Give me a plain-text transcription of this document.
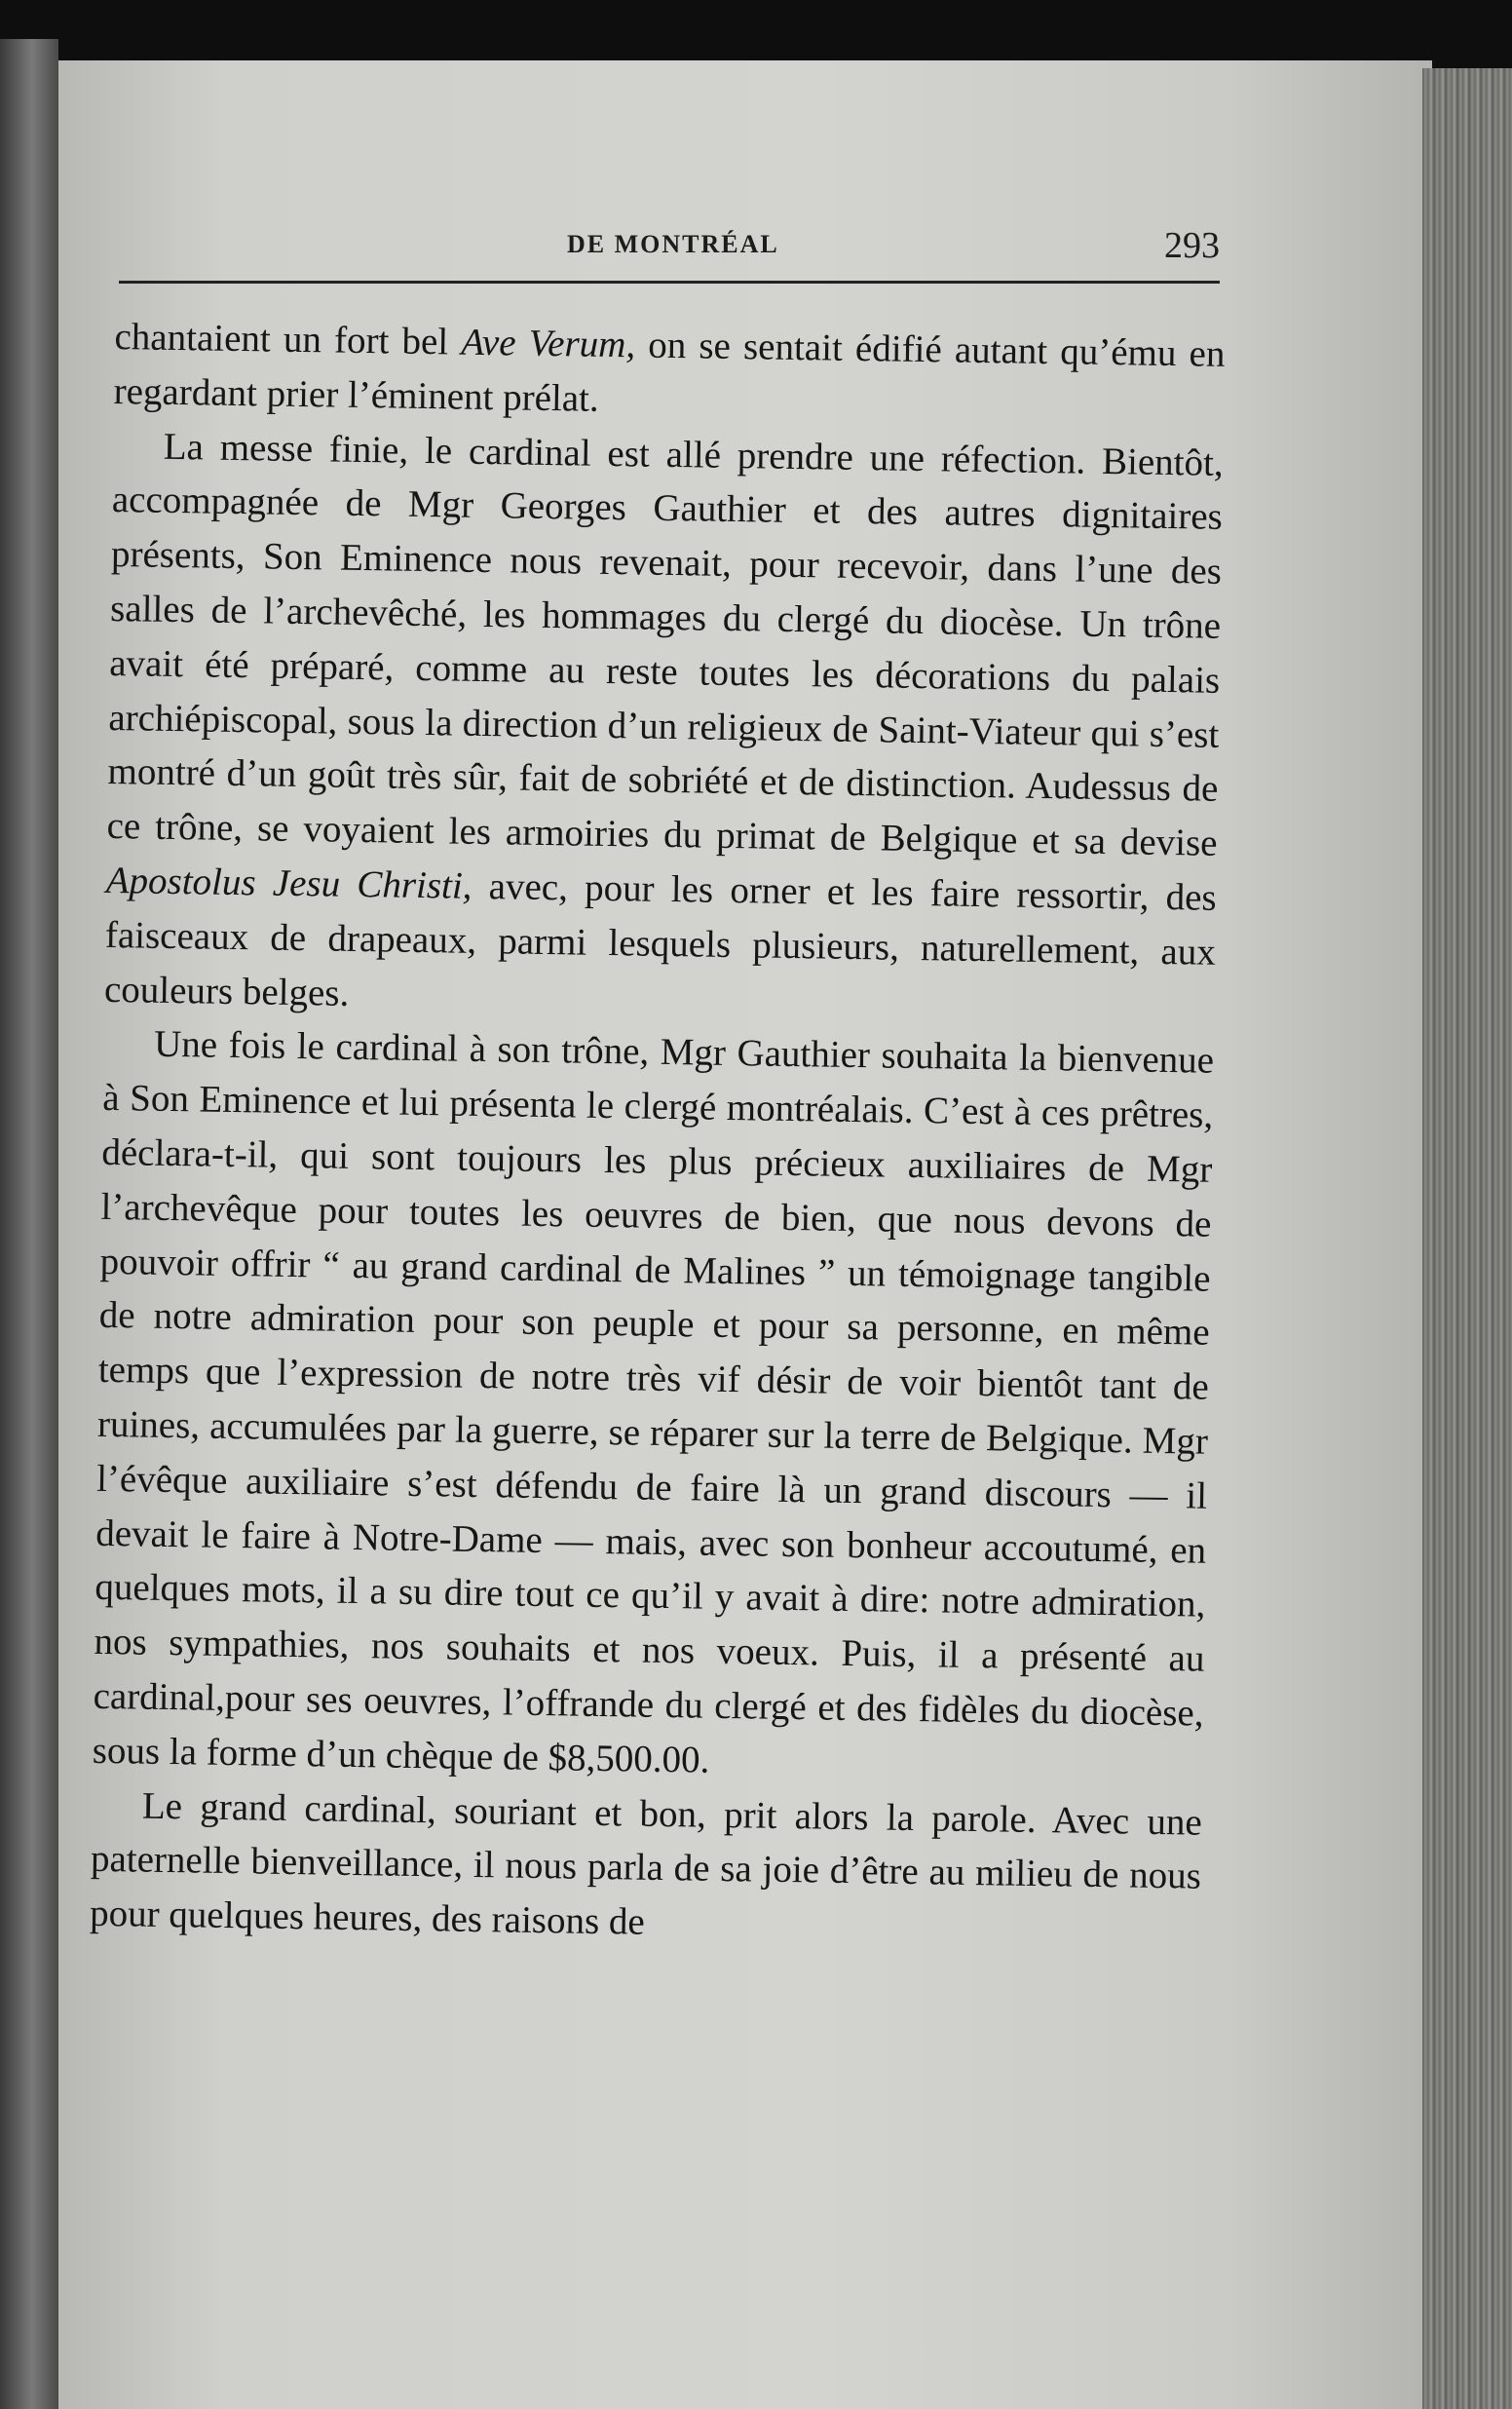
DE MONTRÉAL	293

chantaient un fort bel Ave Verum, on se sentait édifié autant qu’ému en regardant prier l’éminent prélat.

La messe finie, le cardinal est allé prendre une réfection. Bientôt, accompagnée de Mgr Georges Gauthier et des autres dignitaires présents, Son Eminence nous revenait, pour recevoir, dans l’une des salles de l’archevêché, les hommages du clergé du diocèse. Un trône avait été préparé, comme au reste toutes les décorations du palais archiépiscopal, sous la direction d’un religieux de Saint-Viateur qui s’est montré d’un goût très sûr, fait de sobriété et de distinction. Audessus de ce trône, se voyaient les armoiries du primat de Belgique et sa devise Apostolus Jesu Christi, avec, pour les orner et les faire ressortir, des faisceaux de drapeaux, parmi lesquels plusieurs, naturellement, aux couleurs belges.

Une fois le cardinal à son trône, Mgr Gauthier souhaita la bienvenue à Son Eminence et lui présenta le clergé montréalais. C’est à ces prêtres, déclara-t-il, qui sont toujours les plus précieux auxiliaires de Mgr l’archevêque pour toutes les oeuvres de bien, que nous devons de pouvoir offrir “ au grand cardinal de Malines ” un témoignage tangible de notre admiration pour son peuple et pour sa personne, en même temps que l’expression de notre très vif désir de voir bientôt tant de ruines, accumulées par la guerre, se réparer sur la terre de Belgique. Mgr l’évêque auxiliaire s’est défendu de faire là un grand discours — il devait le faire à Notre-Dame — mais, avec son bonheur accoutumé, en quelques mots, il a su dire tout ce qu’il y avait à dire: notre admiration, nos sympathies, nos souhaits et nos voeux. Puis, il a présenté au cardinal,pour ses oeuvres, l’offrande du clergé et des fidèles du diocèse, sous la forme d’un chèque de $8,500.00.

Le grand cardinal, souriant et bon, prit alors la parole. Avec une paternelle bienveillance, il nous parla de sa joie d’être au milieu de nous pour quelques heures, des raisons de
